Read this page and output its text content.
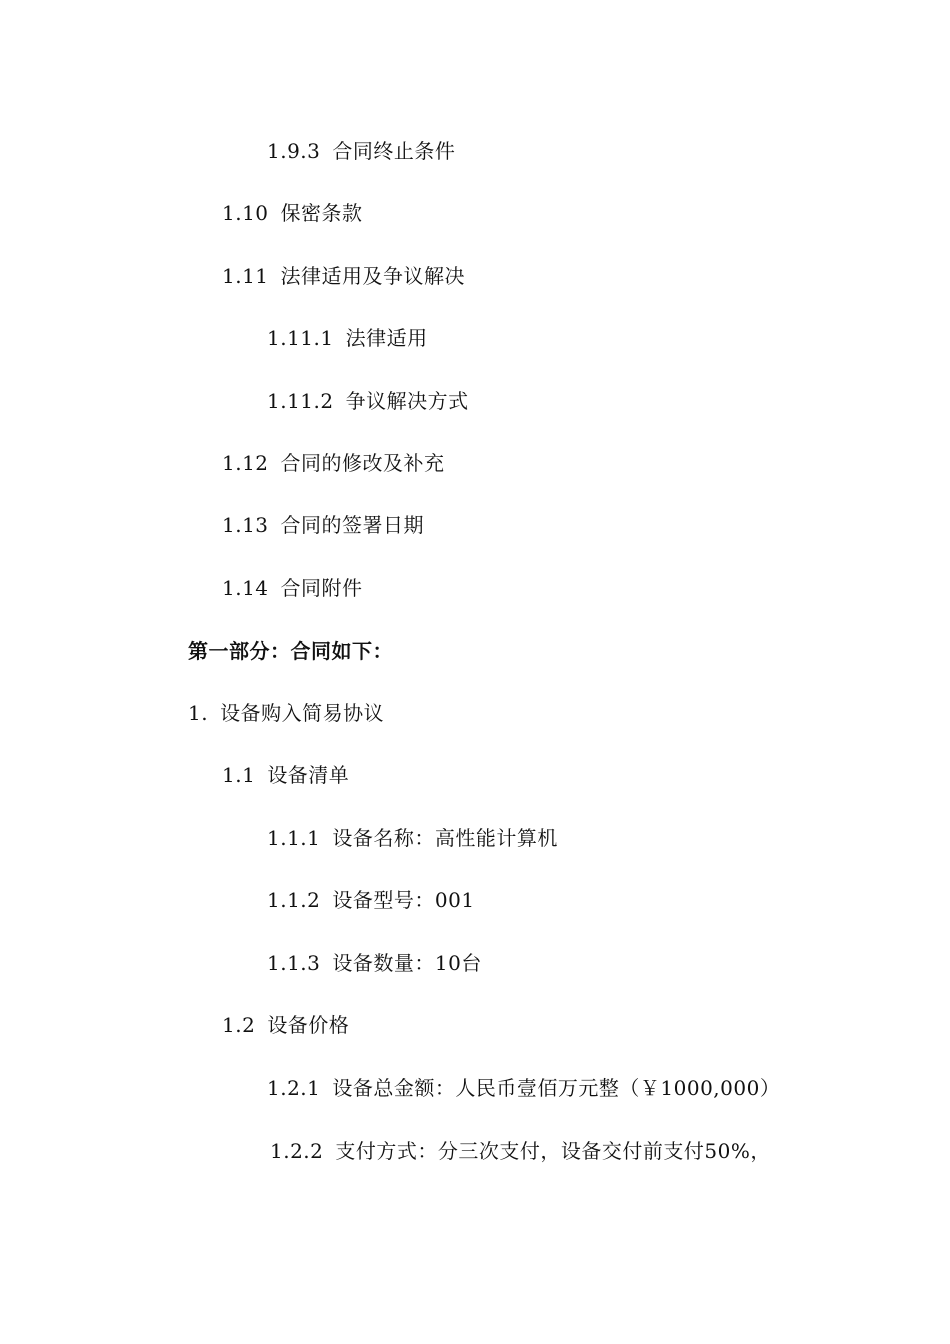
1.9.3 合同终止条件
1.10 保密条款
1.11 法律适用及争议解决
1.11.1 法律适用
1.11.2 争议解决方式
1.12 合同的修改及补充
1.13 合同的签署日期
1.14 合同附件
第一部分：合同如下：
1. 设备购入简易协议
1.1 设备清单
1.1.1 设备名称：高性能计算机
1.1.2 设备型号：001
1.1.3 设备数量：10台
1.2 设备价格
1.2.1 设备总金额：人民币壹佰万元整（￥1000,000）
1.2.2 支付方式：分三次支付，设备交付前支付50%，
